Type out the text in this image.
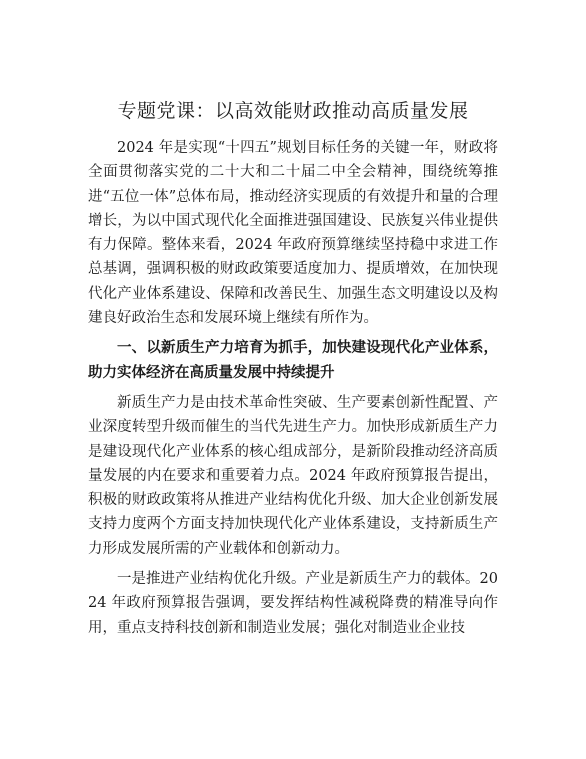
专题党课：以高效能财政推动高质量发展

2024 年是实现“十四五”规划目标任务的关键一年，财政将全面贯彻落实党的二十大和二十届二中全会精神，围绕统筹推进“五位一体”总体布局，推动经济实现质的有效提升和量的合理增长，为以中国式现代化全面推进强国建设、民族复兴伟业提供有力保障。整体来看，2024 年政府预算继续坚持稳中求进工作总基调，强调积极的财政政策要适度加力、提质增效，在加快现代化产业体系建设、保障和改善民生、加强生态文明建设以及构建良好政治生态和发展环境上继续有所作为。

一、以新质生产力培育为抓手，加快建设现代化产业体系，助力实体经济在高质量发展中持续提升

新质生产力是由技术革命性突破、生产要素创新性配置、产业深度转型升级而催生的当代先进生产力。加快形成新质生产力是建设现代化产业体系的核心组成部分，是新阶段推动经济高质量发展的内在要求和重要着力点。2024 年政府预算报告提出，积极的财政政策将从推进产业结构优化升级、加大企业创新发展支持力度两个方面支持加快现代化产业体系建设，支持新质生产力形成发展所需的产业载体和创新动力。

一是推进产业结构优化升级。产业是新质生产力的载体。2024 年政府预算报告强调，要发挥结构性减税降费的精准导向作用，重点支持科技创新和制造业发展；强化对制造业企业技
